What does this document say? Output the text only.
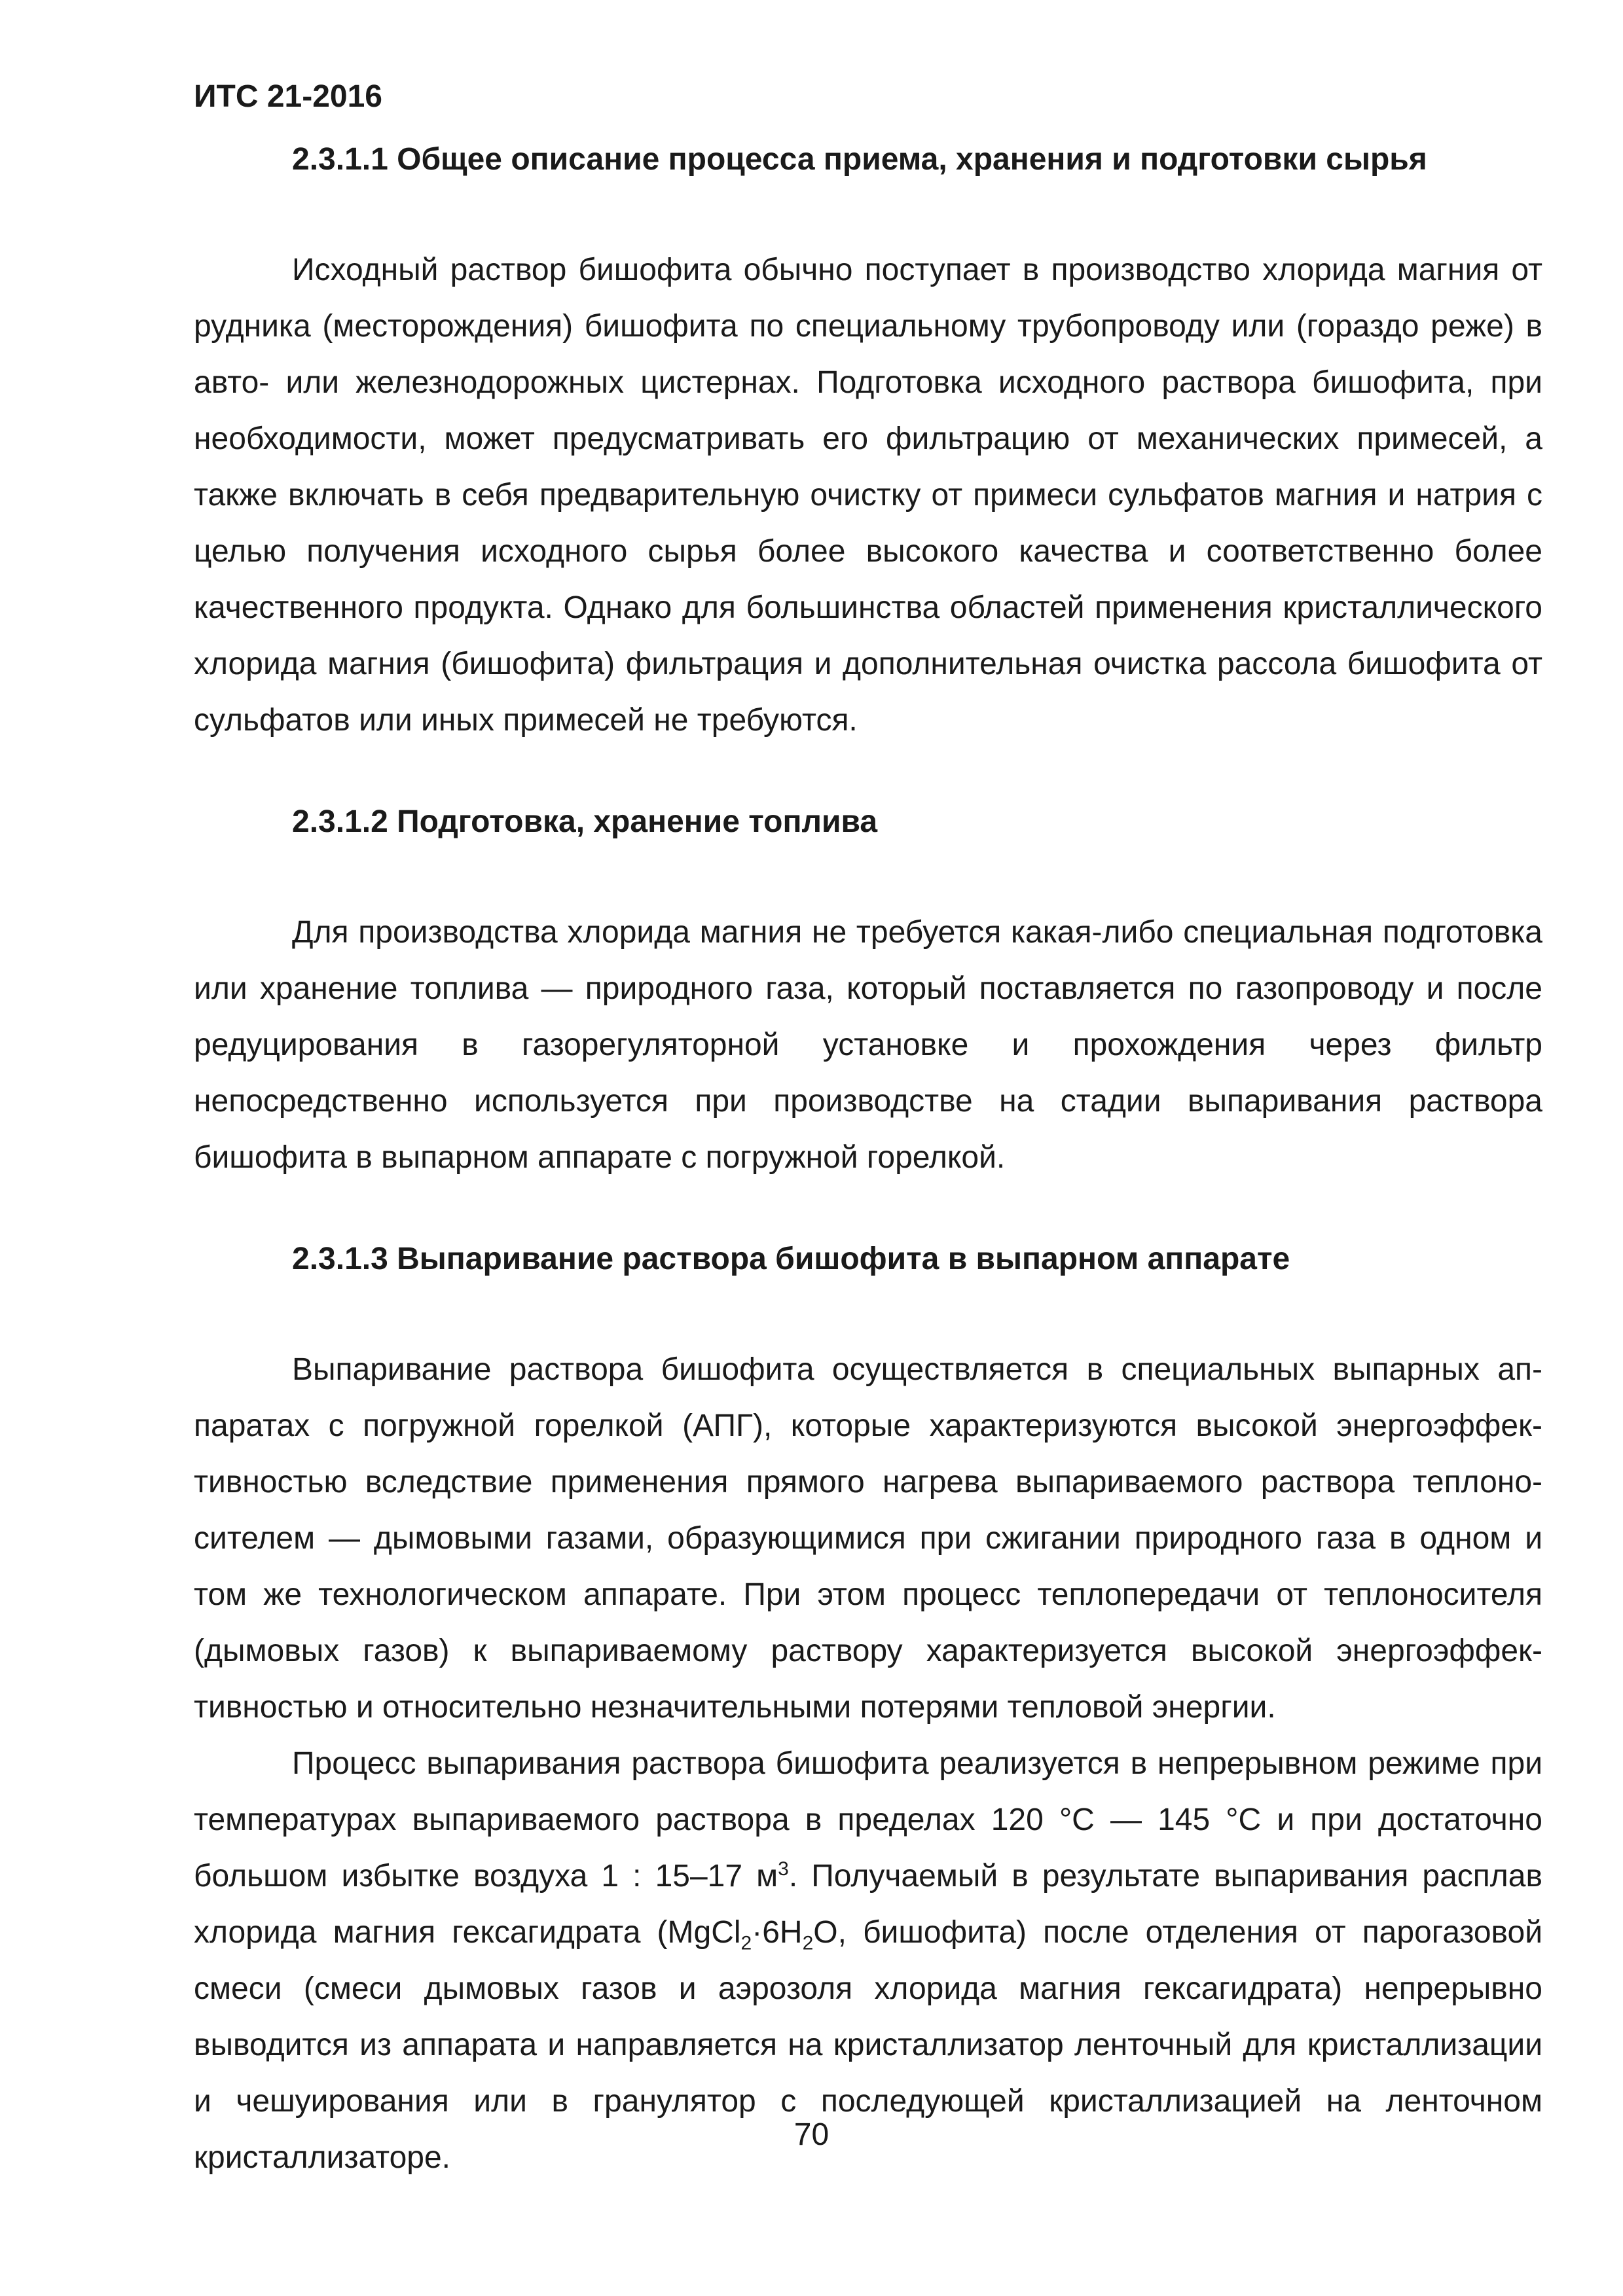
ИТС 21-2016
2.3.1.1 Общее описание процесса приема, хранения и подготовки сырья

Исходный раствор бишофита обычно поступает в производство хлорида магния от рудника (месторождения) бишофита по специальному трубопроводу или (гораздо реже) в авто- или железнодорожных цистернах. Подготовка исходного раствора бишофита, при необходимости, может предусматривать его фильтрацию от механических примесей, а также включать в себя предварительную очистку от примеси сульфатов магния и натрия с целью получения исходного сырья более высокого качества и соответственно более качественного продукта. Однако для большинства областей применения кристаллического хлорида магния (бишофита) фильтрация и дополнительная очистка рассола бишофита от сульфатов или иных примесей не требуются.

2.3.1.2 Подготовка, хранение топлива

Для производства хлорида магния не требуется какая-либо специальная подготовка или хранение топлива — природного газа, который поставляется по газопроводу и после редуцирования в газорегуляторной установке и прохождения через фильтр непосредственно используется при производстве на стадии выпаривания раствора бишофита в выпарном аппарате с погружной горелкой.

2.3.1.3 Выпаривание раствора бишофита в выпарном аппарате

Выпаривание раствора бишофита осуществляется в специальных выпарных аппаратах с погружной горелкой (АПГ), которые характеризуются высокой энергоэффективностью вследствие применения прямого нагрева выпариваемого раствора теплоносителем — дымовыми газами, образующимися при сжигании природного газа в одном и том же технологическом аппарате. При этом процесс теплопередачи от теплоносителя (дымовых газов) к выпариваемому раствору характеризуется высокой энергоэффективностью и относительно незначительными потерями тепловой энергии.

Процесс выпаривания раствора бишофита реализуется в непрерывном режиме при температурах выпариваемого раствора в пределах 120 °С — 145 °С и при достаточно большом избытке воздуха 1 : 15–17 $м^3$. Получаемый в результате выпаривания расплав хлорида магния гексагидрата ($MgCl_2\cdot 6H_2O$, бишофита) после отделения от парогазовой смеси (смеси дымовых газов и аэрозоля хлорида магния гексагидрата) непрерывно выводится из аппарата и направляется на кристаллизатор ленточный для кристаллизации и чешуирования или в гранулятор с последующей кристаллизацией на ленточном кристаллизаторе.

70
